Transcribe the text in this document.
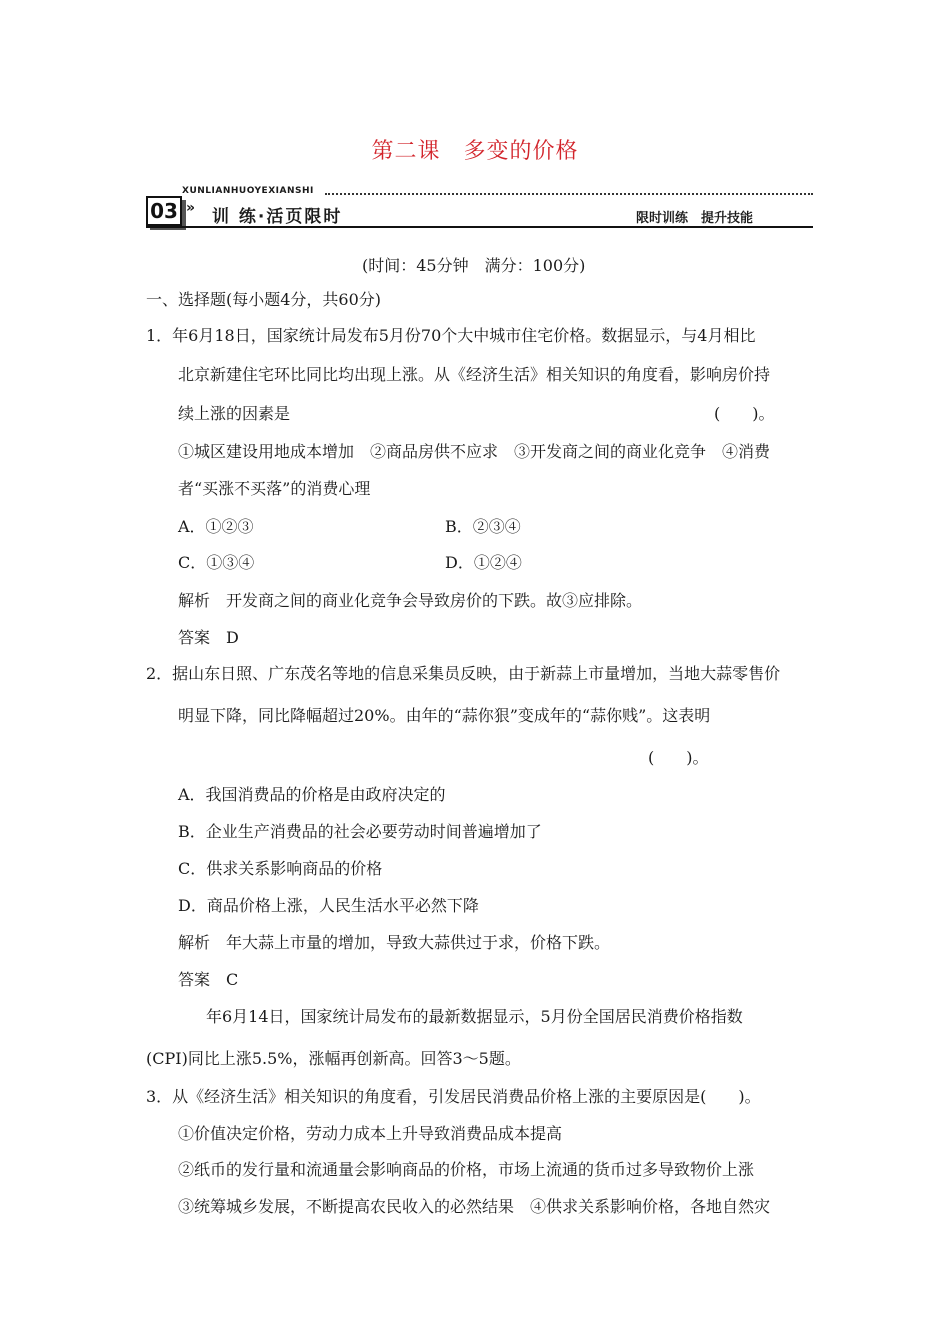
第二课　多变的价格
XUNLIANHUOYEXIANSHI
03 » 训 练·活页限时	限时训练　提升技能
(时间：45分钟　满分：100分)
一、选择题(每小题4分，共60分)
1．年6月18日，国家统计局发布5月份70个大中城市住宅价格。数据显示，与4月相比
北京新建住宅环比同比均出现上涨。从《经济生活》相关知识的角度看，影响房价持
续上涨的因素是	(　　)。
①城区建设用地成本增加　②商品房供不应求　③开发商之间的商业化竞争　④消费
者“买涨不买落”的消费心理
A．①②③	B．②③④
C．①③④	D．①②④
解析　开发商之间的商业化竞争会导致房价的下跌。故③应排除。
答案　D
2．据山东日照、广东茂名等地的信息采集员反映，由于新蒜上市量增加，当地大蒜零售价
明显下降，同比降幅超过20%。由年的“蒜你狠”变成年的“蒜你贱”。这表明
(　　)。
A．我国消费品的价格是由政府决定的
B．企业生产消费品的社会必要劳动时间普遍增加了
C．供求关系影响商品的价格
D．商品价格上涨，人民生活水平必然下降
解析　年大蒜上市量的增加，导致大蒜供过于求，价格下跌。
答案　C
年6月14日，国家统计局发布的最新数据显示，5月份全国居民消费价格指数
(CPI)同比上涨5.5%，涨幅再创新高。回答3～5题。
3．从《经济生活》相关知识的角度看，引发居民消费品价格上涨的主要原因是(　　)。
①价值决定价格，劳动力成本上升导致消费品成本提高
②纸币的发行量和流通量会影响商品的价格，市场上流通的货币过多导致物价上涨
③统筹城乡发展，不断提高农民收入的必然结果　④供求关系影响价格，各地自然灾
